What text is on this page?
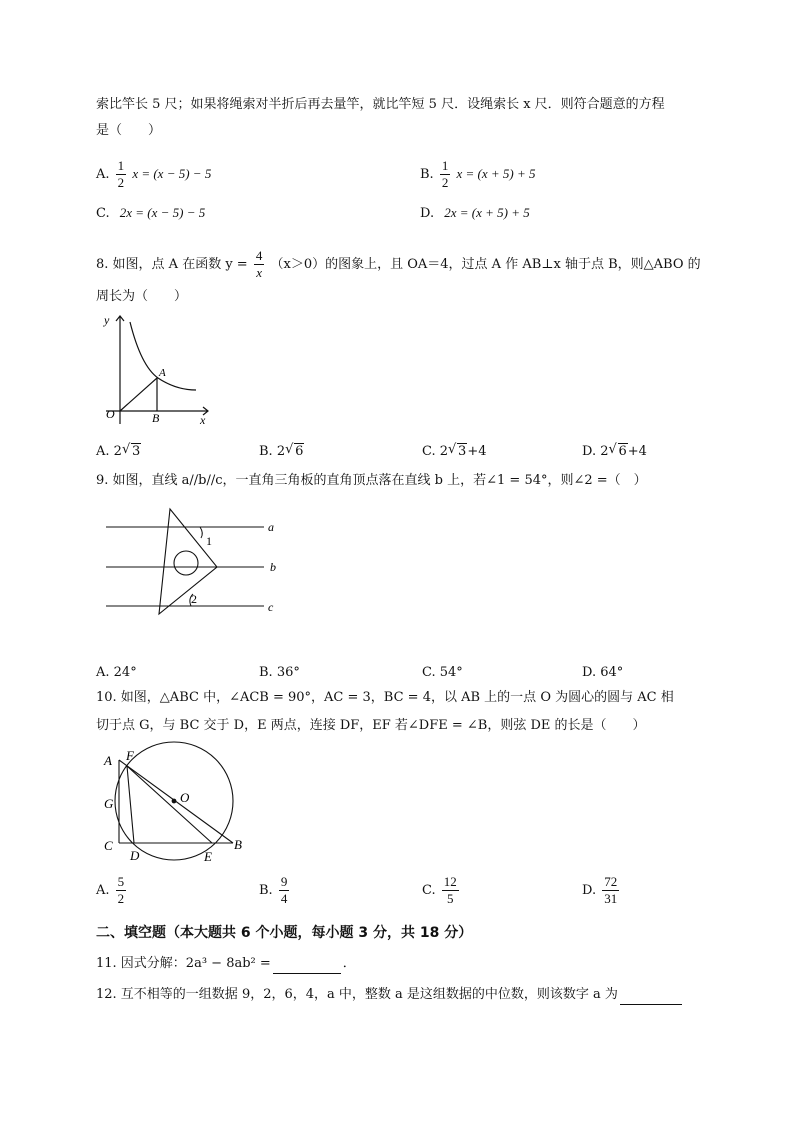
索比竿长 5 尺；如果将绳索对半折后再去量竿，就比竿短 5 尺．设绳索长 x 尺．则符合题意的方程
是（　　）
A. $\frac{1}{2}$ x = (x − 5) − 5	B. $\frac{1}{2}$ x = (x + 5) + 5
C. 2x = (x − 5) − 5	D. 2x = (x + 5) + 5
8. 如图，点 A 在函数 $y = \frac{4}{x} (x>0)$的图象上，且 OA＝4，过点 A 作 AB⊥x 轴于点 B，则△ABO 的
周长为（　　）
y
x
A
O	B
A. 2 √ 3	B. 2 √ 6	C. 2 √ 3+4	D. 2 √ 6+4
9. 如图，直线 a//b//c，一直角三角板的直角顶点落在直线 b 上，若∠1 = 54°，则∠2 =（　）
1
2
a
b
c
A. 24°	B. 36°	C. 54°	D. 64°
10. 如图，△ABC 中，∠ACB = 90°，AC = 3，BC = 4，以 AB 上的一点 O 为圆心的圆与 AC 相
切于点 G，与 BC 交于 D，E 两点，连接 DF，EF 若∠DFE = ∠B，则弦 DE 的长是（　　）
A F
G	O
C
D	E
B
A. $\frac{5}{2}$	B. $\frac{9}{4}$	C. $\frac{12}{5}$	D. $\frac{72}{31}$
二、填空题（本大题共 6 个小题，每小题 3 分，共 18 分）
11. 因式分解：2a³ − 8ab² =	．
12. 互不相等的一组数据 9，2，6，4，a 中，整数 a 是这组数据的中位数，则该数字 a 为
